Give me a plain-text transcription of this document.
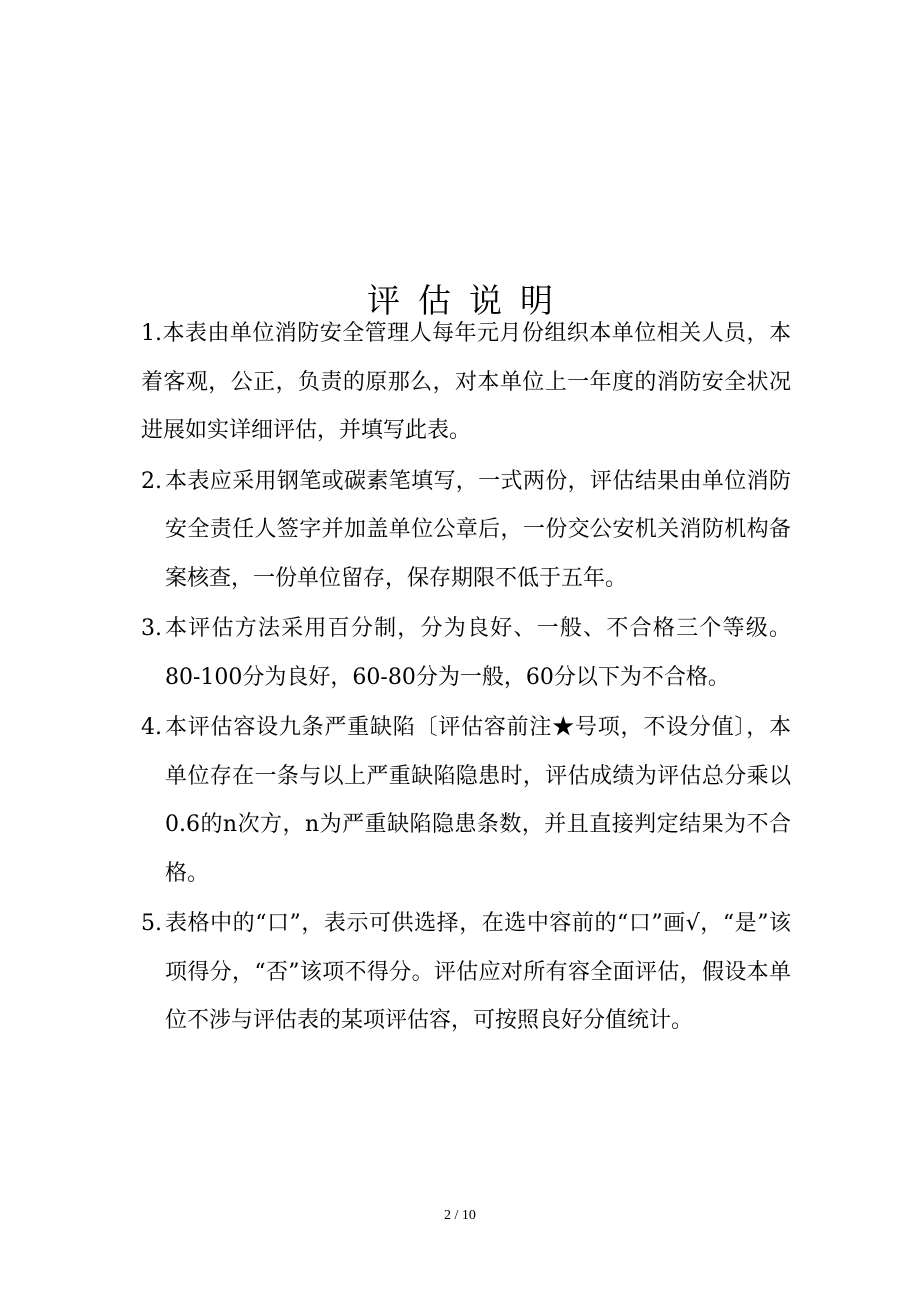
评估说明
1.本表由单位消防安全管理人每年元月份组织本单位相关人员，本着客观，公正，负责的原那么，对本单位上一年度的消防安全状况进展如实详细评估，并填写此表。
2. 本表应采用钢笔或碳素笔填写，一式两份，评估结果由单位消防安全责任人签字并加盖单位公章后，一份交公安机关消防机构备案核查，一份单位留存，保存期限不低于五年。
3. 本评估方法采用百分制，分为良好、一般、不合格三个等级。80-100分为良好，60-80分为一般，60分以下为不合格。
4. 本评估容设九条严重缺陷〔评估容前注★号项，不设分值〕，本单位存在一条与以上严重缺陷隐患时，评估成绩为评估总分乘以0.6的n次方，n为严重缺陷隐患条数，并且直接判定结果为不合格。
5. 表格中的“口”，表示可供选择，在选中容前的“口”画√，“是”该项得分，“否”该项不得分。评估应对所有容全面评估，假设本单位不涉与评估表的某项评估容，可按照良好分值统计。
2 / 10
